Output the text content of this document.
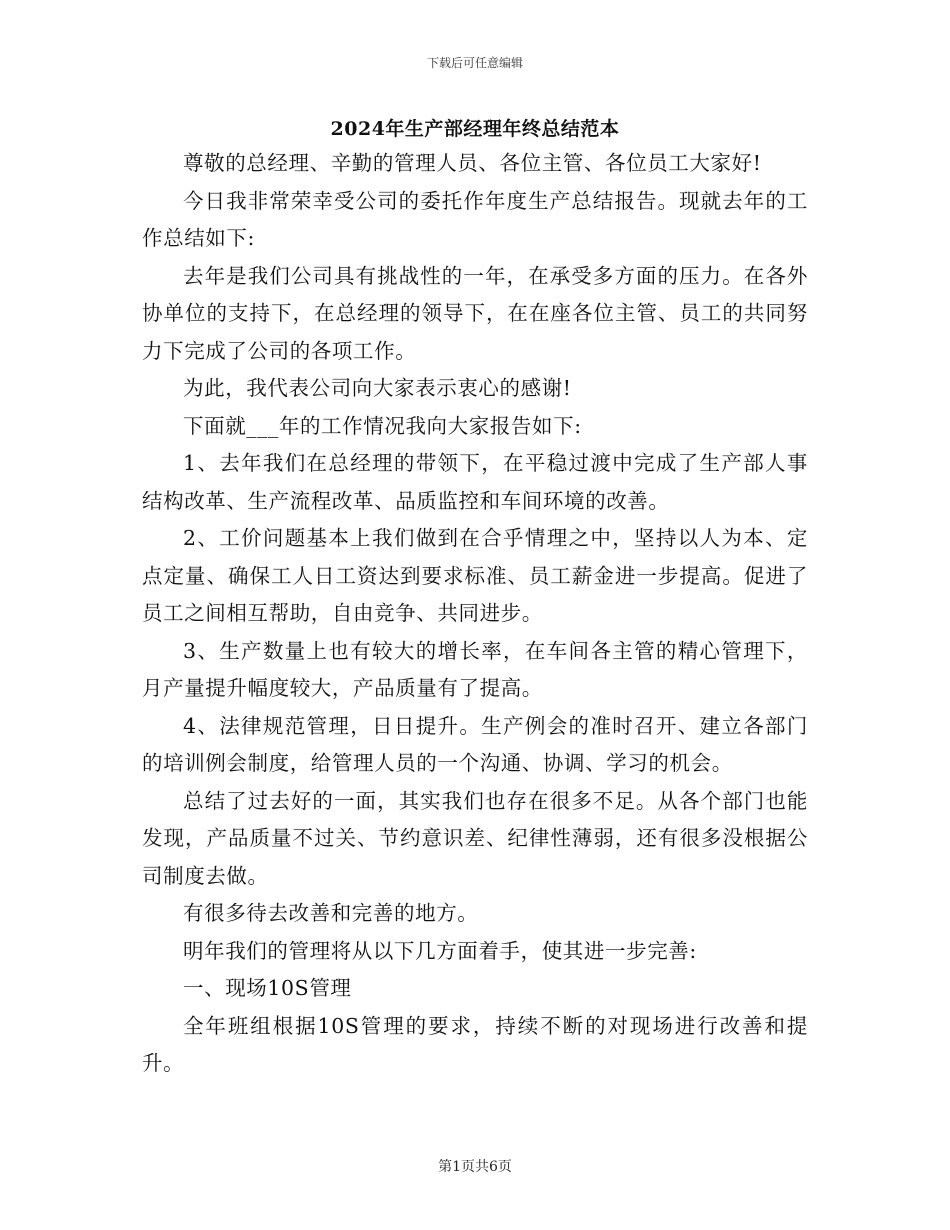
下载后可任意编辑
2024年生产部经理年终总结范本

尊敬的总经理、辛勤的管理人员、各位主管、各位员工大家好!

今日我非常荣幸受公司的委托作年度生产总结报告。现就去年的工作总结如下:

去年是我们公司具有挑战性的一年，在承受多方面的压力。在各外协单位的支持下，在总经理的领导下，在在座各位主管、员工的共同努力下完成了公司的各项工作。

为此，我代表公司向大家表示衷心的感谢!

下面就___年的工作情况我向大家报告如下:

1、去年我们在总经理的带领下，在平稳过渡中完成了生产部人事结构改革、生产流程改革、品质监控和车间环境的改善。

2、工价问题基本上我们做到在合乎情理之中，坚持以人为本、定点定量、确保工人日工资达到要求标准、员工薪金进一步提高。促进了员工之间相互帮助，自由竞争、共同进步。

3、生产数量上也有较大的增长率，在车间各主管的精心管理下，月产量提升幅度较大，产品质量有了提高。

4、法律规范管理，日日提升。生产例会的准时召开、建立各部门的培训例会制度，给管理人员的一个沟通、协调、学习的机会。

总结了过去好的一面，其实我们也存在很多不足。从各个部门也能发现，产品质量不过关、节约意识差、纪律性薄弱，还有很多没根据公司制度去做。

有很多待去改善和完善的地方。

明年我们的管理将从以下几方面着手，使其进一步完善:

一、现场10S管理

全年班组根据10S管理的要求，持续不断的对现场进行改善和提升。

第1页共6页
